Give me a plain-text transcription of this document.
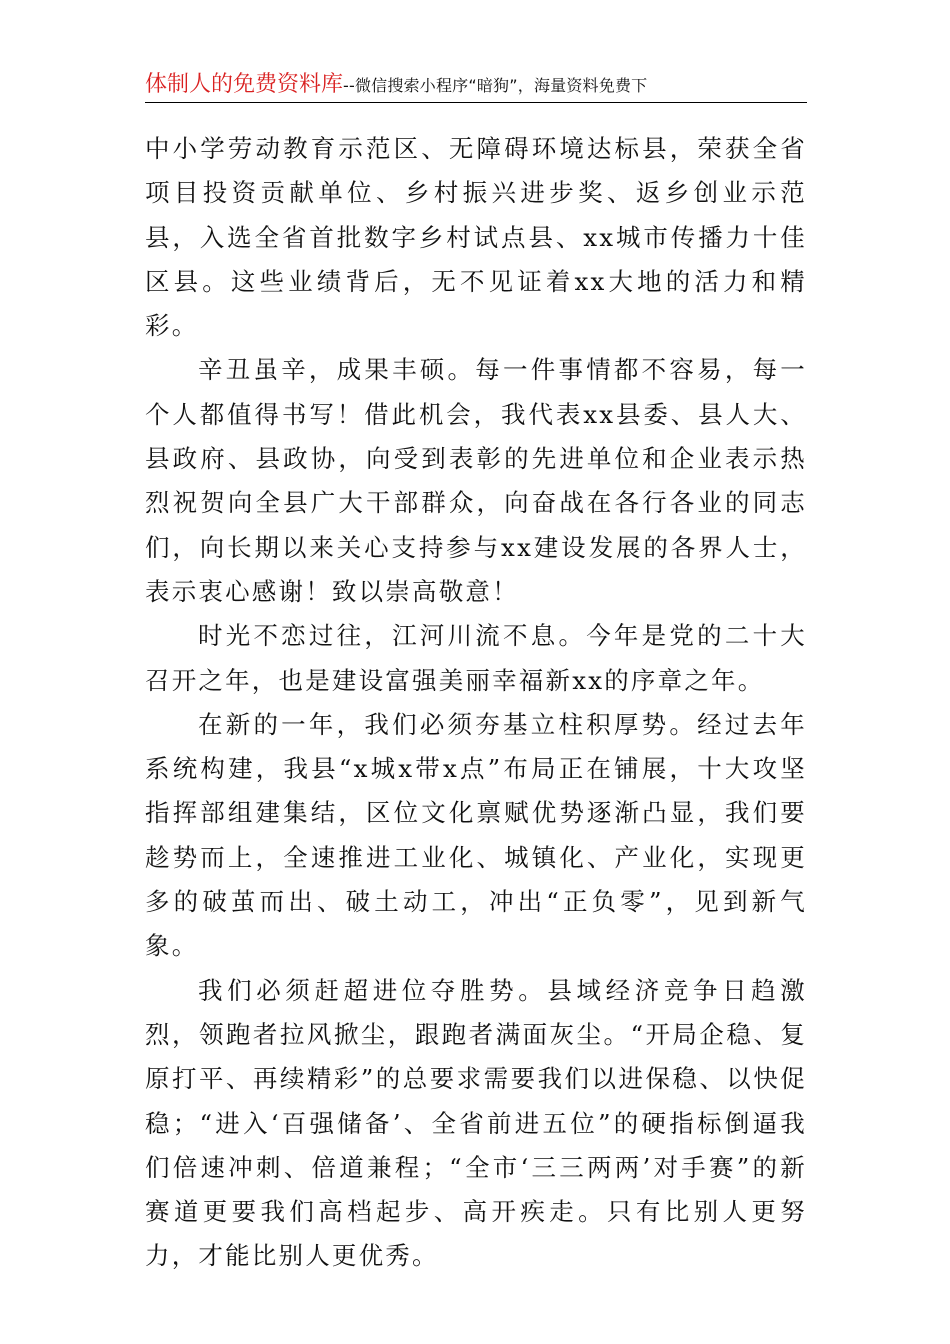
体制人的免费资料库--微信搜索小程序“暗狗”，海量资料免费下

中小学劳动教育示范区、无障碍环境达标县，荣获全省项目投资贡献单位、乡村振兴进步奖、返乡创业示范县，入选全省首批数字乡村试点县、xx城市传播力十佳区县。这些业绩背后，无不见证着xx大地的活力和精彩。

辛丑虽辛，成果丰硕。每一件事情都不容易，每一个人都值得书写！借此机会，我代表xx县委、县人大、县政府、县政协，向受到表彰的先进单位和企业表示热烈祝贺向全县广大干部群众，向奋战在各行各业的同志们，向长期以来关心支持参与xx建设发展的各界人士，表示衷心感谢！致以崇高敬意！

时光不恋过往，江河川流不息。今年是党的二十大召开之年，也是建设富强美丽幸福新xx的序章之年。

在新的一年，我们必须夯基立柱积厚势。经过去年系统构建，我县“x城x带x点”布局正在铺展，十大攻坚指挥部组建集结，区位文化禀赋优势逐渐凸显，我们要趁势而上，全速推进工业化、城镇化、产业化，实现更多的破茧而出、破土动工，冲出“正负零”，见到新气象。

我们必须赶超进位夺胜势。县域经济竞争日趋激烈，领跑者拉风掀尘，跟跑者满面灰尘。“开局企稳、复原打平、再续精彩”的总要求需要我们以进保稳、以快促稳；“进入‘百强储备’、全省前进五位”的硬指标倒逼我们倍速冲刺、倍道兼程；“全市‘三三两两’对手赛”的新赛道更要我们高档起步、高开疾走。只有比别人更努力，才能比别人更优秀。
